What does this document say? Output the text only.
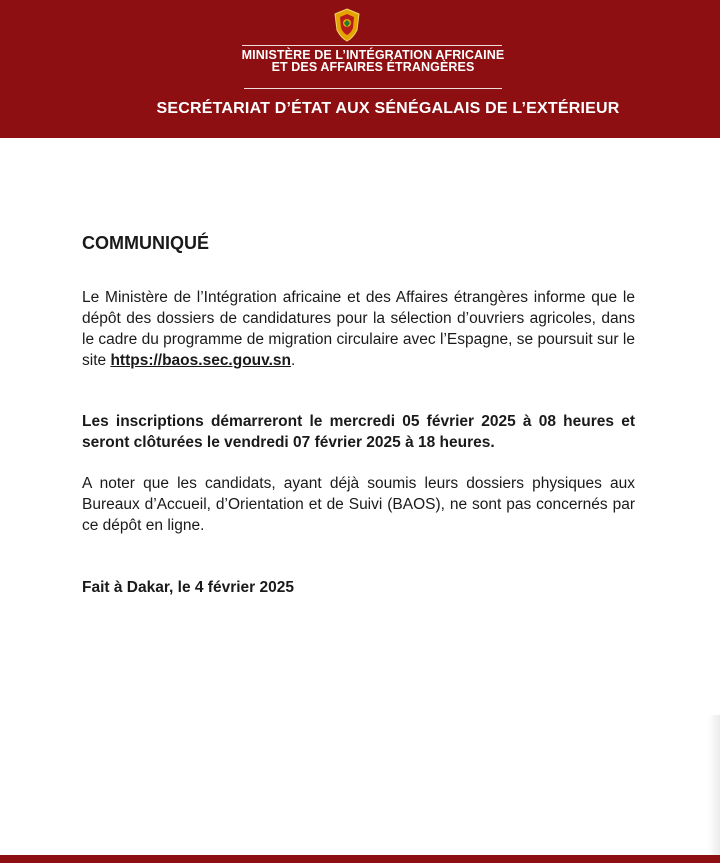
MINISTÈRE DE L’INTÉGRATION AFRICAINE
ET DES AFFAIRES ÉTRANGÈRES
SECRÉTARIAT D’ÉTAT AUX SÉNÉGALAIS DE L’EXTÉRIEUR
COMMUNIQUÉ

Le Ministère de l’Intégration africaine et des Affaires étrangères informe que le dépôt des dossiers de candidatures pour la sélection d’ouvriers agricoles, dans le cadre du programme de migration circulaire avec l’Espagne, se poursuit sur le site https://baos.sec.gouv.sn.

Les inscriptions démarreront le mercredi 05 février 2025 à 08 heures et seront clôturées le vendredi 07 février 2025 à 18 heures.

A noter que les candidats, ayant déjà soumis leurs dossiers physiques aux Bureaux d’Accueil, d’Orientation et de Suivi (BAOS), ne sont pas concernés par ce dépôt en ligne.

Fait à Dakar, le 4 février 2025
